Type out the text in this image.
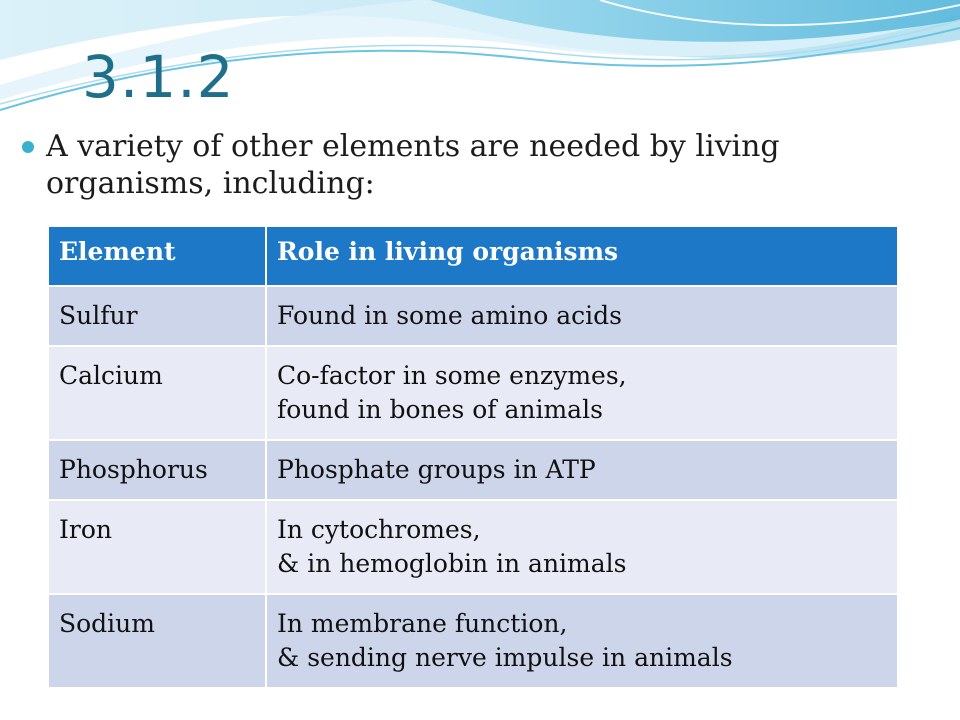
3.1.2
A variety of other elements are needed by living organisms, including:
Element	Role in living organisms
Sulfur	Found in some amino acids

Calcium	Co-factor in some enzymes,
found in bones of animals

Phosphorus	Phosphate groups in ATP

Iron	In cytochromes,
& in hemoglobin in animals

Sodium	In membrane function,
& sending nerve impulse in animals
